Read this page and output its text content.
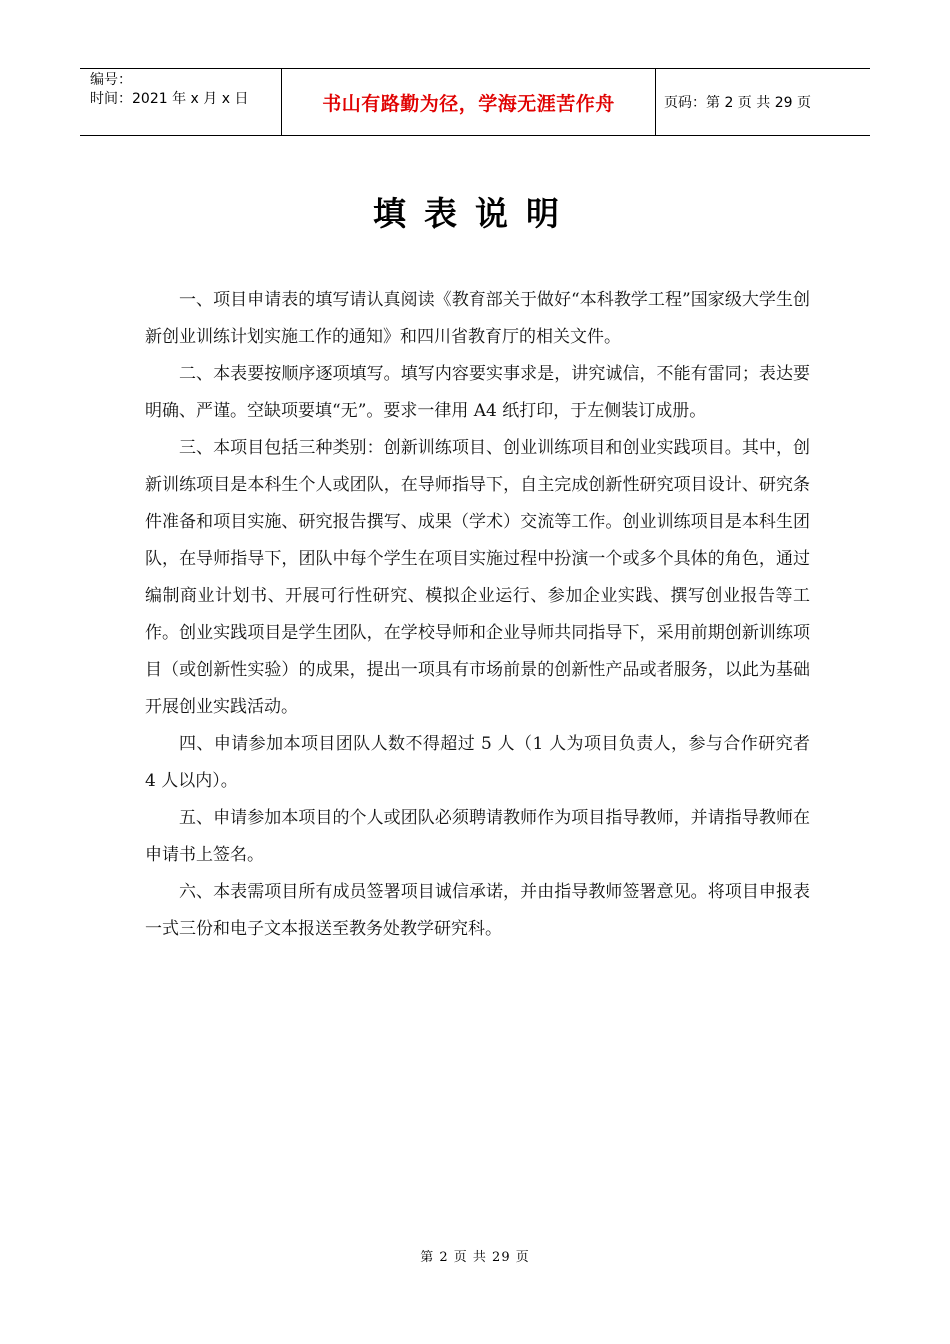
编号：
时间：2021 年 x 月 x 日	书山有路勤为径，学海无涯苦作舟	页码：第 2 页 共 29 页
填表说明

一、项目申请表的填写请认真阅读《教育部关于做好“本科教学工程”国家级大学生创新创业训练计划实施工作的通知》和四川省教育厅的相关文件。

二、本表要按顺序逐项填写。填写内容要实事求是，讲究诚信，不能有雷同；表达要明确、严谨。空缺项要填“无”。要求一律用 A4 纸打印，于左侧装订成册。

三、本项目包括三种类别：创新训练项目、创业训练项目和创业实践项目。其中，创新训练项目是本科生个人或团队，在导师指导下，自主完成创新性研究项目设计、研究条件准备和项目实施、研究报告撰写、成果（学术）交流等工作。创业训练项目是本科生团队，在导师指导下，团队中每个学生在项目实施过程中扮演一个或多个具体的角色，通过编制商业计划书、开展可行性研究、模拟企业运行、参加企业实践、撰写创业报告等工作。创业实践项目是学生团队，在学校导师和企业导师共同指导下，采用前期创新训练项目（或创新性实验）的成果，提出一项具有市场前景的创新性产品或者服务，以此为基础开展创业实践活动。

四、申请参加本项目团队人数不得超过 5 人（1 人为项目负责人，参与合作研究者 4 人以内）。

五、申请参加本项目的个人或团队必须聘请教师作为项目指导教师，并请指导教师在申请书上签名。

六、本表需项目所有成员签署项目诚信承诺，并由指导教师签署意见。将项目申报表一式三份和电子文本报送至教务处教学研究科。

第 2 页 共 29 页
